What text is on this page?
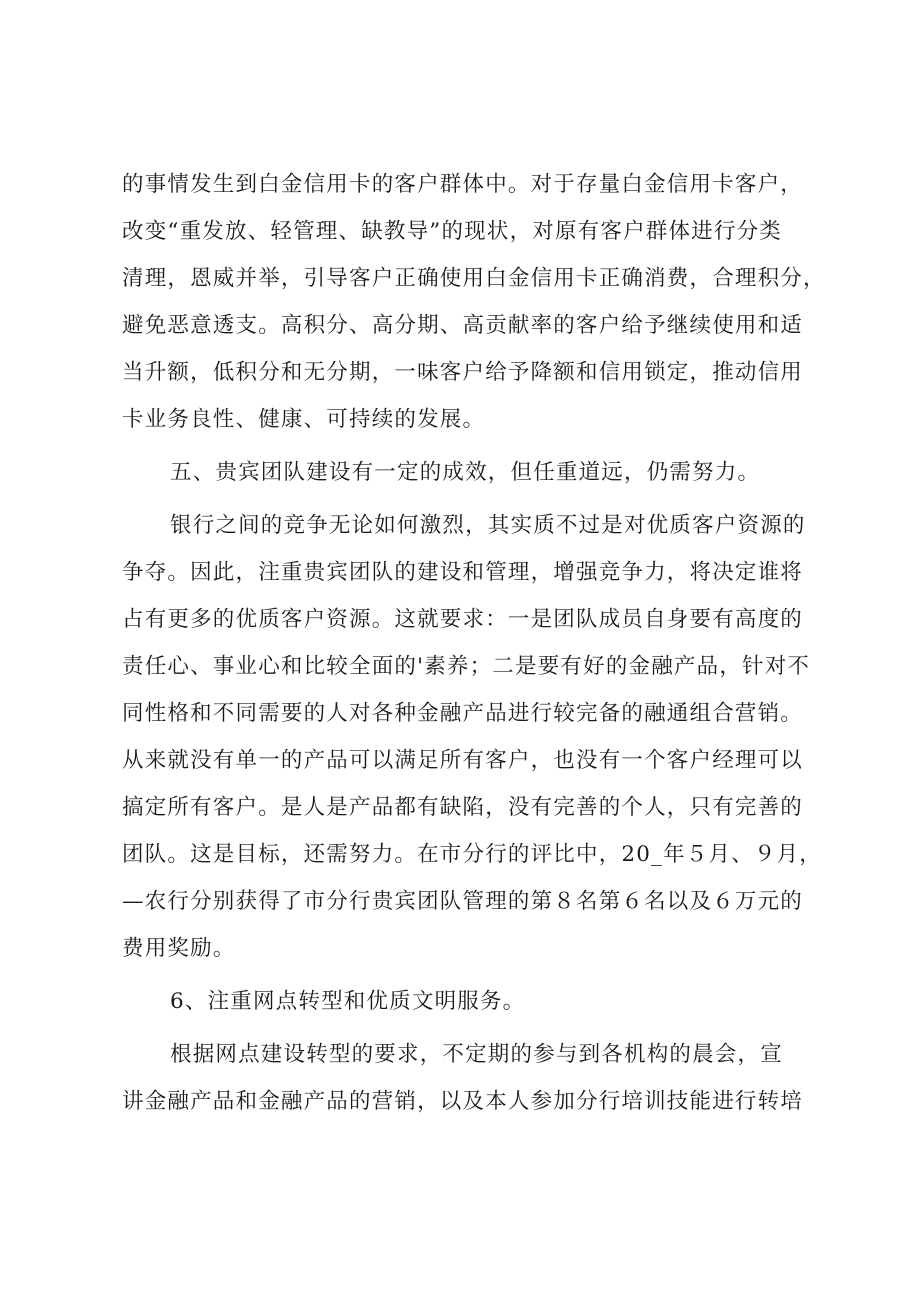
的事情发生到白金信用卡的客户群体中。对于存量白金信用卡客户，
改变“重发放、轻管理、缺教导”的现状，对原有客户群体进行分类
清理，恩威并举，引导客户正确使用白金信用卡正确消费，合理积分，
避免恶意透支。高积分、高分期、高贡献率的客户给予继续使用和适
当升额，低积分和无分期，一味客户给予降额和信用锁定，推动信用
卡业务良性、健康、可持续的发展。
五、贵宾团队建设有一定的成效，但任重道远，仍需努力。
银行之间的竞争无论如何激烈，其实质不过是对优质客户资源的
争夺。因此，注重贵宾团队的建设和管理，增强竞争力，将决定谁将
占有更多的优质客户资源。这就要求：一是团队成员自身要有高度的
责任心、事业心和比较全面的'素养；二是要有好的金融产品，针对不
同性格和不同需要的人对各种金融产品进行较完备的融通组合营销。
从来就没有单一的产品可以满足所有客户，也没有一个客户经理可以
搞定所有客户。是人是产品都有缺陷，没有完善的个人，只有完善的
团队。这是目标，还需努力。在市分行的评比中，20_年５月、９月，
—农行分别获得了市分行贵宾团队管理的第８名第６名以及６万元的
费用奖励。
6、注重网点转型和优质文明服务。
根据网点建设转型的要求，不定期的参与到各机构的晨会，宣
讲金融产品和金融产品的营销，以及本人参加分行培训技能进行转培
